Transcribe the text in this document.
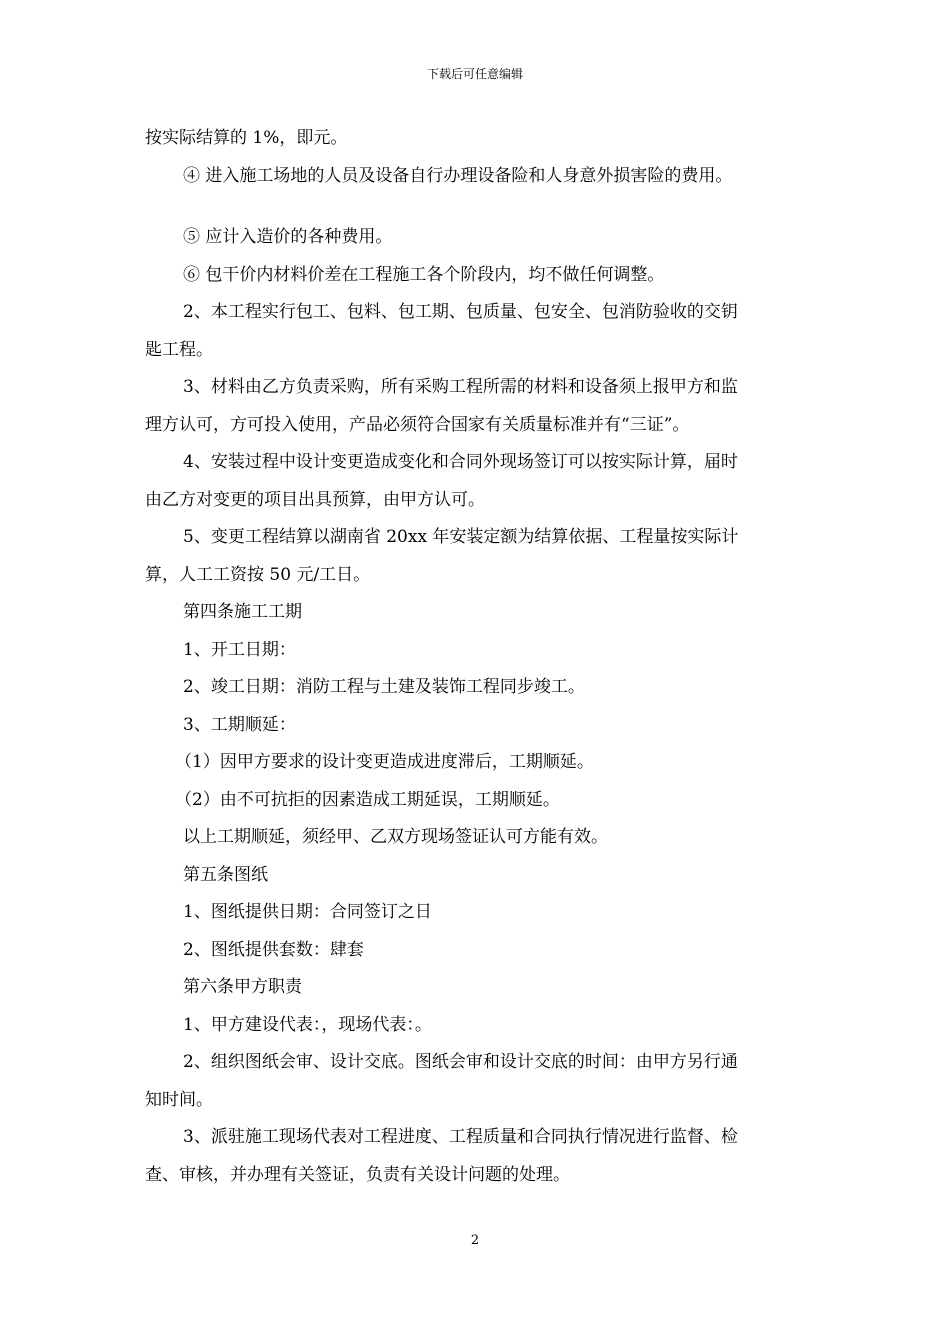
下载后可任意编辑
按实际结算的 1%，即元。
④ 进入施工场地的人员及设备自行办理设备险和人身意外损害险的费用。
⑤ 应计入造价的各种费用。
⑥ 包干价内材料价差在工程施工各个阶段内，均不做任何调整。
2、本工程实行包工、包料、包工期、包质量、包安全、包消防验收的交钥
匙工程。
3、材料由乙方负责采购，所有采购工程所需的材料和设备须上报甲方和监
理方认可，方可投入使用，产品必须符合国家有关质量标准并有“三证”。
4、安装过程中设计变更造成变化和合同外现场签订可以按实际计算，届时
由乙方对变更的项目出具预算，由甲方认可。
5、变更工程结算以湖南省 20xx 年安装定额为结算依据、工程量按实际计
算，人工工资按 50 元/工日。
第四条施工工期
1、开工日期：
2、竣工日期：消防工程与土建及装饰工程同步竣工。
3、工期顺延：
（1）因甲方要求的设计变更造成进度滞后，工期顺延。
（2）由不可抗拒的因素造成工期延误，工期顺延。
以上工期顺延，须经甲、乙双方现场签证认可方能有效。
第五条图纸
1、图纸提供日期：合同签订之日
2、图纸提供套数：肆套
第六条甲方职责
1、甲方建设代表：，现场代表：。
2、组织图纸会审、设计交底。图纸会审和设计交底的时间：由甲方另行通
知时间。
3、派驻施工现场代表对工程进度、工程质量和合同执行情况进行监督、检
查、审核，并办理有关签证，负责有关设计问题的处理。
2
